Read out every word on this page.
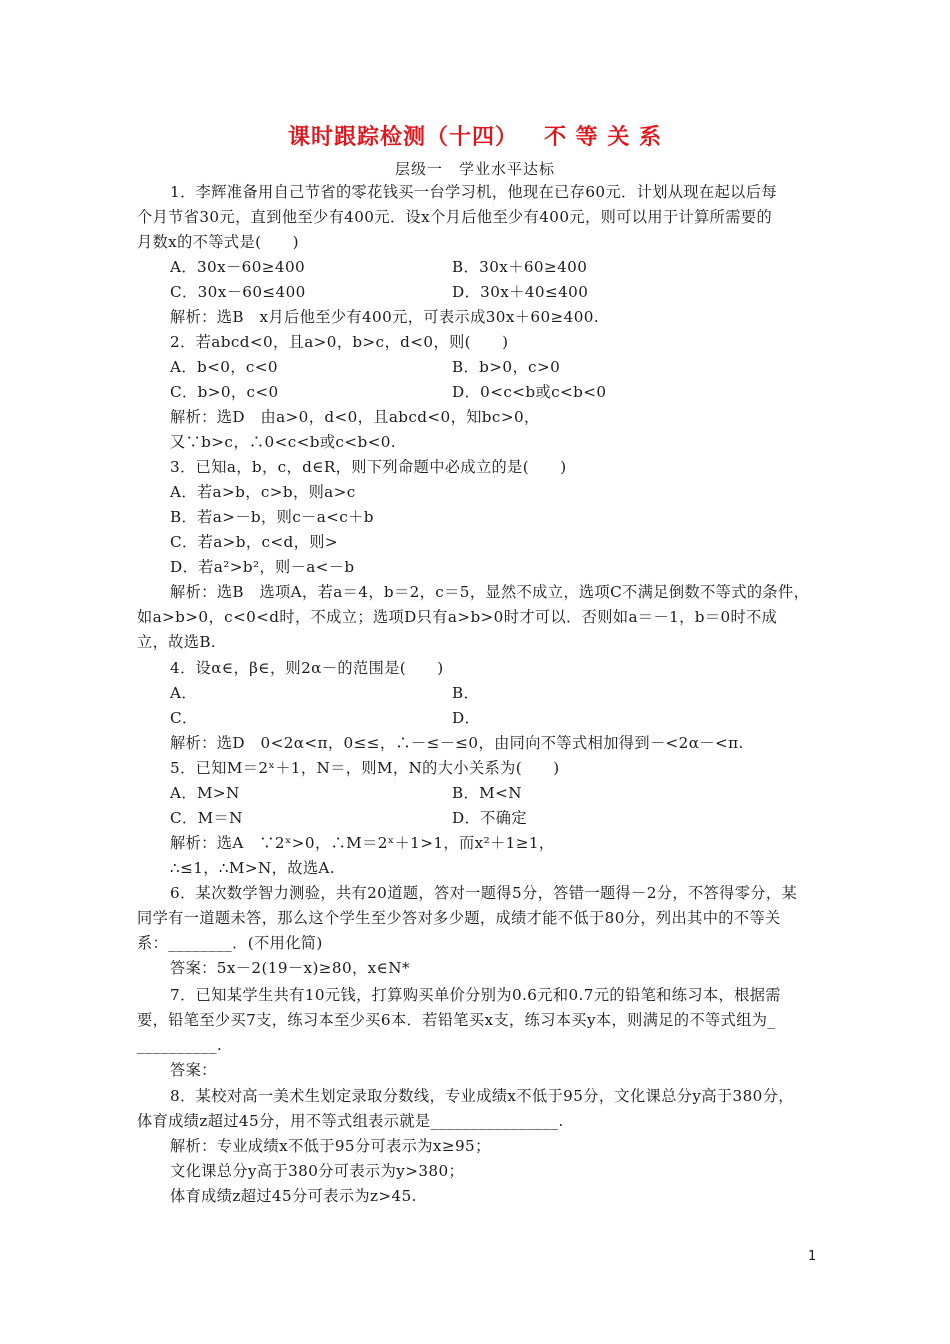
课时跟踪检测（十四） 不 等 关 系
层级一　学业水平达标
1．李辉准备用自己节省的零花钱买一台学习机，他现在已存60元．计划从现在起以后每
个月节省30元，直到他至少有400元．设x个月后他至少有400元，则可以用于计算所需要的
月数x的不等式是(　　)
A．30x－60≥400	B．30x＋60≥400
C．30x－60≤400	D．30x＋40≤400
解析：选B　x月后他至少有400元，可表示成30x＋60≥400.
2．若abcd<0，且a>0，b>c，d<0，则(　　)
A．b<0，c<0	B．b>0，c>0
C．b>0，c<0	D．0<c<b或c<b<0
解析：选D　由a>0，d<0，且abcd<0，知bc>0，
又∵b>c，∴0<c<b或c<b<0.
3．已知a，b，c，d∈R，则下列命题中必成立的是(　　)
A．若a>b，c>b，则a>c
B．若a>－b，则c－a<c＋b
C．若a>b，c<d，则>
D．若a²>b²，则－a<－b
解析：选B　选项A，若a＝4，b＝2，c＝5，显然不成立，选项C不满足倒数不等式的条件，
如a>b>0，c<0<d时，不成立；选项D只有a>b>0时才可以．否则如a＝－1，b＝0时不成
立，故选B.
4．设α∈，β∈，则2α－的范围是(　　)
A．	B．
C．	D．
解析：选D　0<2α<π，0≤≤，∴－≤－≤0，由同向不等式相加得到－<2α－<π.
5．已知M＝2ˣ＋1，N＝，则M，N的大小关系为(　　)
A．M>N	B．M<N
C．M＝N	D．不确定
解析：选A　∵2ˣ>0，∴M＝2ˣ＋1>1，而x²＋1≥1，
∴≤1，∴M>N，故选A.
6．某次数学智力测验，共有20道题，答对一题得5分，答错一题得－2分，不答得零分，某
同学有一道题未答，那么这个学生至少答对多少题，成绩才能不低于80分，列出其中的不等关
系：________．(不用化简)
答案：5x－2(19－x)≥80，x∈N*
7．已知某学生共有10元钱，打算购买单价分别为0.6元和0.7元的铅笔和练习本，根据需
要，铅笔至少买7支，练习本至少买6本．若铅笔买x支，练习本买y本，则满足的不等式组为_
__________.
答案：
8．某校对高一美术生划定录取分数线，专业成绩x不低于95分，文化课总分y高于380分，
体育成绩z超过45分，用不等式组表示就是________________.
解析：专业成绩x不低于95分可表示为x≥95；
文化课总分y高于380分可表示为y>380；
体育成绩z超过45分可表示为z>45.
1
